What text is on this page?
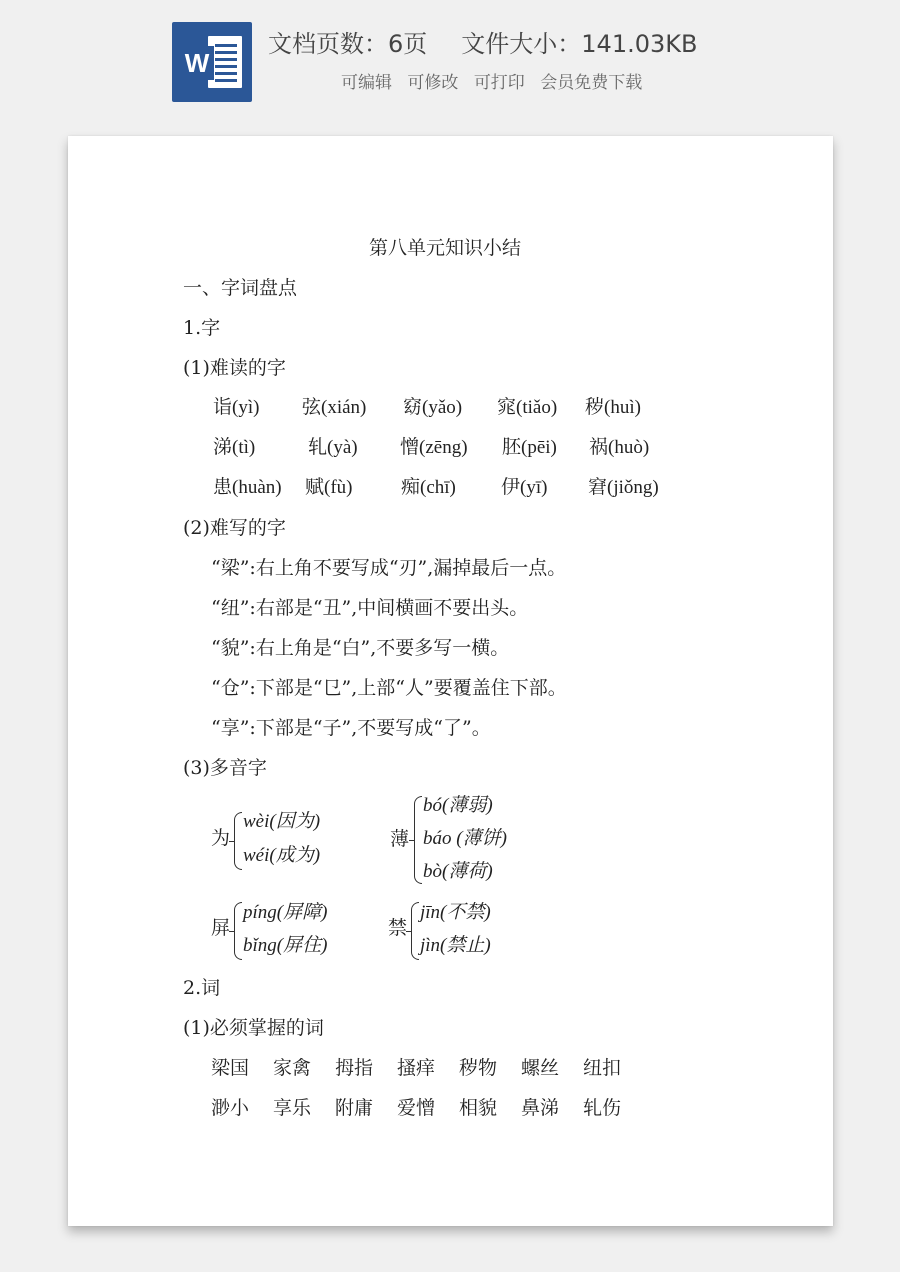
W
文档页数：6页 文件大小：141.03KB
可编辑 可修改 可打印 会员免费下载
第八单元知识小结
一、字词盘点
1.字
(1)难读的字
诣(yì) 弦(xián) 窈(yǎo) 窕(tiǎo) 秽(huì)
涕(tì)	轧(yà) 憎(zēng) 胚(pēi) 祸(huò)
患(huàn) 赋(fù)	痴(chī) 伊(yī) 窘(jiǒng)
(2)难写的字
“梁”:右上角不要写成“刃”,漏掉最后一点。
“纽”:右部是“丑”,中间横画不要出头。
“貌”:右上角是“白”,不要多写一横。
“仓”:下部是“㔾”,上部“人”要覆盖住下部。
“享”:下部是“子”,不要写成“了”。
(3)多音字
为
wèi(因为)
wéi(成为)
薄
bó(薄弱)
báo (薄饼)
bò(薄荷)
屏
píng(屏障)
bǐng(屏住)
禁
jīn(不禁)
jìn(禁止)
2.词
(1)必须掌握的词
梁国 家禽 拇指 搔痒 秽物 螺丝 纽扣
渺小 享乐 附庸 爱憎 相貌 鼻涕 轧伤
